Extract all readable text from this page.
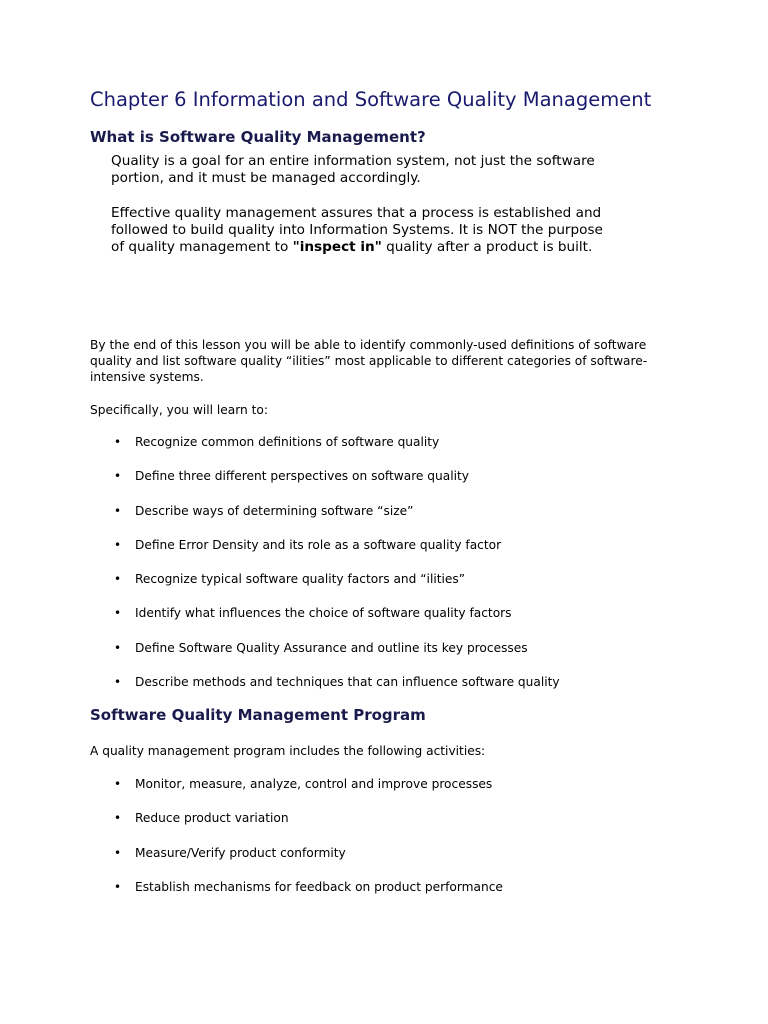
Chapter 6 Information and Software Quality Management
What is Software Quality Management?

Quality is a goal for an entire information system, not just the software portion, and it must be managed accordingly.

Effective quality management assures that a process is established and followed to build quality into Information Systems. It is NOT the purpose of quality management to "inspect in" quality after a product is built.

By the end of this lesson you will be able to identify commonly-used definitions of software quality and list software quality “ilities” most applicable to different categories of software-intensive systems.

Specifically, you will learn to:

• Recognize common definitions of software quality
• Define three different perspectives on software quality
• Describe ways of determining software “size”
• Define Error Density and its role as a software quality factor
• Recognize typical software quality factors and “ilities”
• Identify what influences the choice of software quality factors
• Define Software Quality Assurance and outline its key processes
• Describe methods and techniques that can influence software quality
Software Quality Management Program

A quality management program includes the following activities:

• Monitor, measure, analyze, control and improve processes
• Reduce product variation
• Measure/Verify product conformity
• Establish mechanisms for feedback on product performance
